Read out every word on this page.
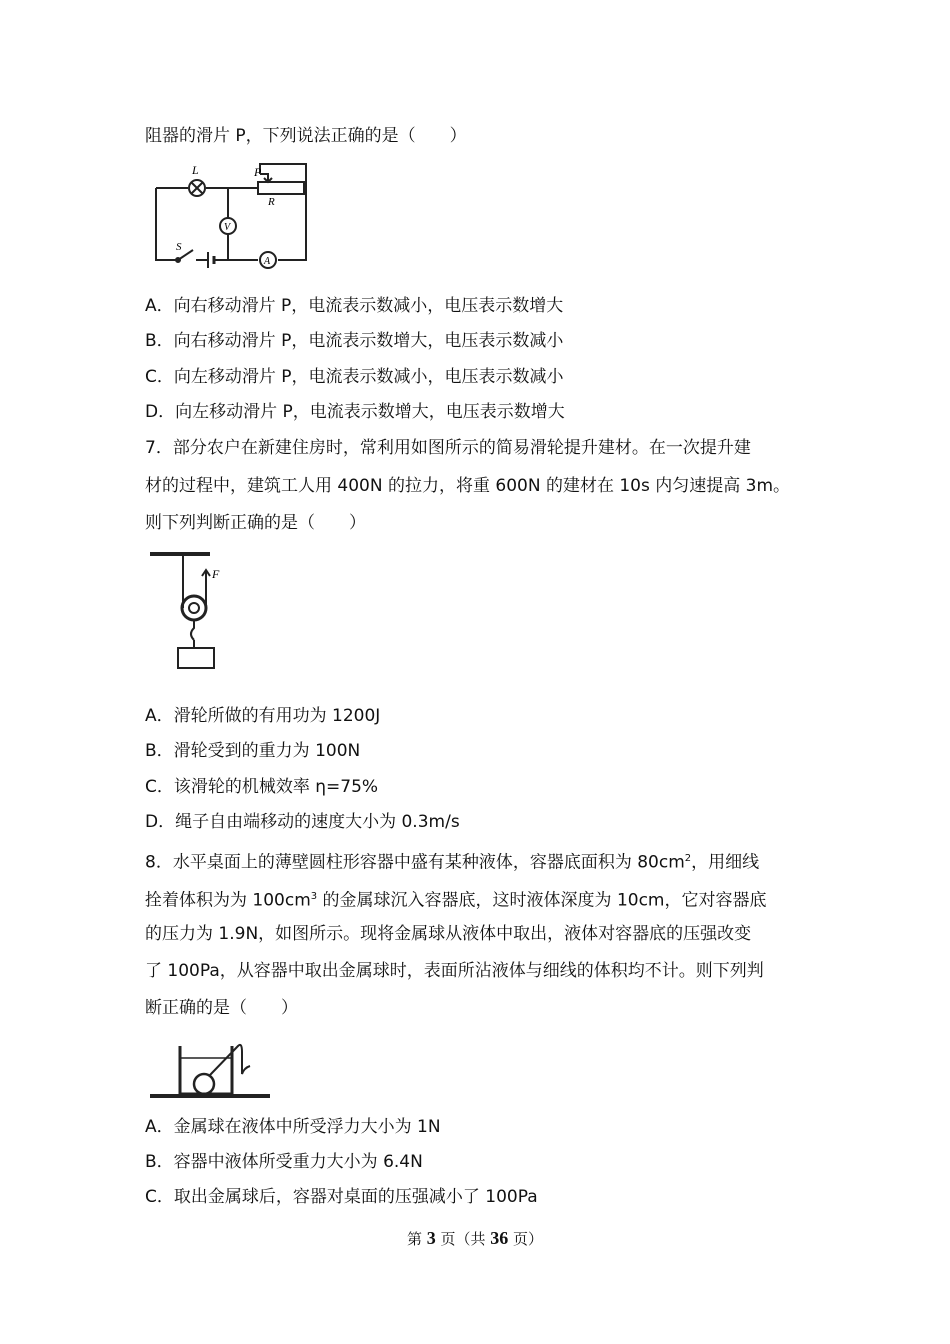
阻器的滑片 P，下列说法正确的是（　　）
L	P
R
V
S
A
A．向右移动滑片 P，电流表示数减小，电压表示数增大
B．向右移动滑片 P，电流表示数增大，电压表示数减小
C．向左移动滑片 P，电流表示数减小，电压表示数减小
D．向左移动滑片 P，电流表示数增大，电压表示数增大
7．部分农户在新建住房时，常利用如图所示的简易滑轮提升建材。在一次提升建
材的过程中，建筑工人用 400N 的拉力，将重 600N 的建材在 10s 内匀速提高 3m。
则下列判断正确的是（　　）
F
A．滑轮所做的有用功为 1200J
B．滑轮受到的重力为 100N
C．该滑轮的机械效率 η=75%
D．绳子自由端移动的速度大小为 0.3m/s
8．水平桌面上的薄壁圆柱形容器中盛有某种液体，容器底面积为 $80cm^2$，用细线
拴着体积为为 $100cm^3$ 的金属球沉入容器底，这时液体深度为 10cm，它对容器底
的压力为 1.9N，如图所示。现将金属球从液体中取出，液体对容器底的压强改变
了 100Pa，从容器中取出金属球时，表面所沾液体与细线的体积均不计。则下列判
断正确的是（　　）
A．金属球在液体中所受浮力大小为 1N
B．容器中液体所受重力大小为 6.4N
C．取出金属球后，容器对桌面的压强减小了 100Pa
第 3 页（共 36 页）
